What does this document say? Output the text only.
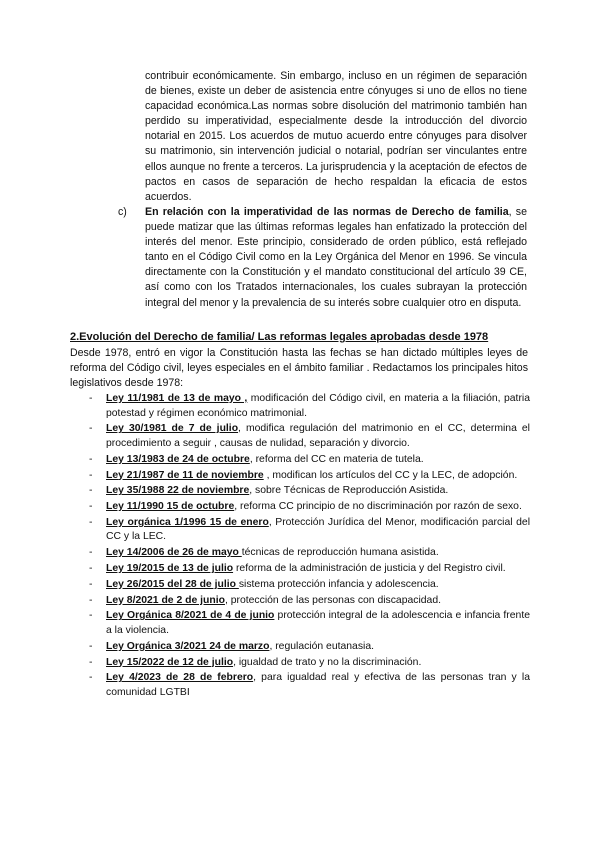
contribuir económicamente. Sin embargo, incluso en un régimen de separación de bienes, existe un deber de asistencia entre cónyuges si uno de ellos no tiene capacidad económica.Las normas sobre disolución del matrimonio también han perdido su imperatividad, especialmente desde la introducción del divorcio notarial en 2015. Los acuerdos de mutuo acuerdo entre cónyuges para disolver su matrimonio, sin intervención judicial o notarial, podrían ser vinculantes entre ellos aunque no frente a terceros. La jurisprudencia y la aceptación de efectos de pactos en casos de separación de hecho respaldan la eficacia de estos acuerdos.

c) En relación con la imperatividad de las normas de Derecho de familia, se puede matizar que las últimas reformas legales han enfatizado la protección del interés del menor. Este principio, considerado de orden público, está reflejado tanto en el Código Civil como en la Ley Orgánica del Menor en 1996. Se vincula directamente con la Constitución y el mandato constitucional del artículo 39 CE, así como con los Tratados internacionales, los cuales subrayan la protección integral del menor y la prevalencia de su interés sobre cualquier otro en disputa.

2.Evolución del Derecho de familia/ Las reformas legales aprobadas desde 1978

Desde 1978, entró en vigor la Constitución hasta las fechas se han dictado múltiples leyes de reforma del Código civil, leyes especiales en el ámbito familiar . Redactamos los principales hitos legislativos desde 1978:

- Ley 11/1981 de 13 de mayo , modificación del Código civil, en materia a la filiación, patria potestad y régimen económico matrimonial.
- Ley 30/1981 de 7 de julio, modifica regulación del matrimonio en el CC, determina el procedimiento a seguir , causas de nulidad, separación y divorcio.
- Ley 13/1983 de 24 de octubre, reforma del CC en materia de tutela.
- Ley 21/1987 de 11 de noviembre , modifican los artículos del CC y la LEC, de adopción.
- Ley 35/1988 22 de noviembre, sobre Técnicas de Reproducción Asistida.
- Ley 11/1990 15 de octubre, reforma CC principio de no discriminación por razón de sexo.
- Ley orgánica 1/1996 15 de enero, Protección Jurídica del Menor, modificación parcial del CC y la LEC.
- Ley 14/2006 de 26 de mayo técnicas de reproducción humana asistida.
- Ley 19/2015 de 13 de julio reforma de la administración de justicia y del Registro civil.
- Ley 26/2015 del 28 de julio sistema protección infancia y adolescencia.
- Ley 8/2021 de 2 de junio, protección de las personas con discapacidad.
- Ley Orgánica 8/2021 de 4 de junio protección integral de la adolescencia e infancia frente a la violencia.
- Ley Orgánica 3/2021 24 de marzo, regulación eutanasia.
- Ley 15/2022 de 12 de julio, igualdad de trato y no la discriminación.
- Ley 4/2023 de 28 de febrero, para igualdad real y efectiva de las personas tran y la comunidad LGTBI
